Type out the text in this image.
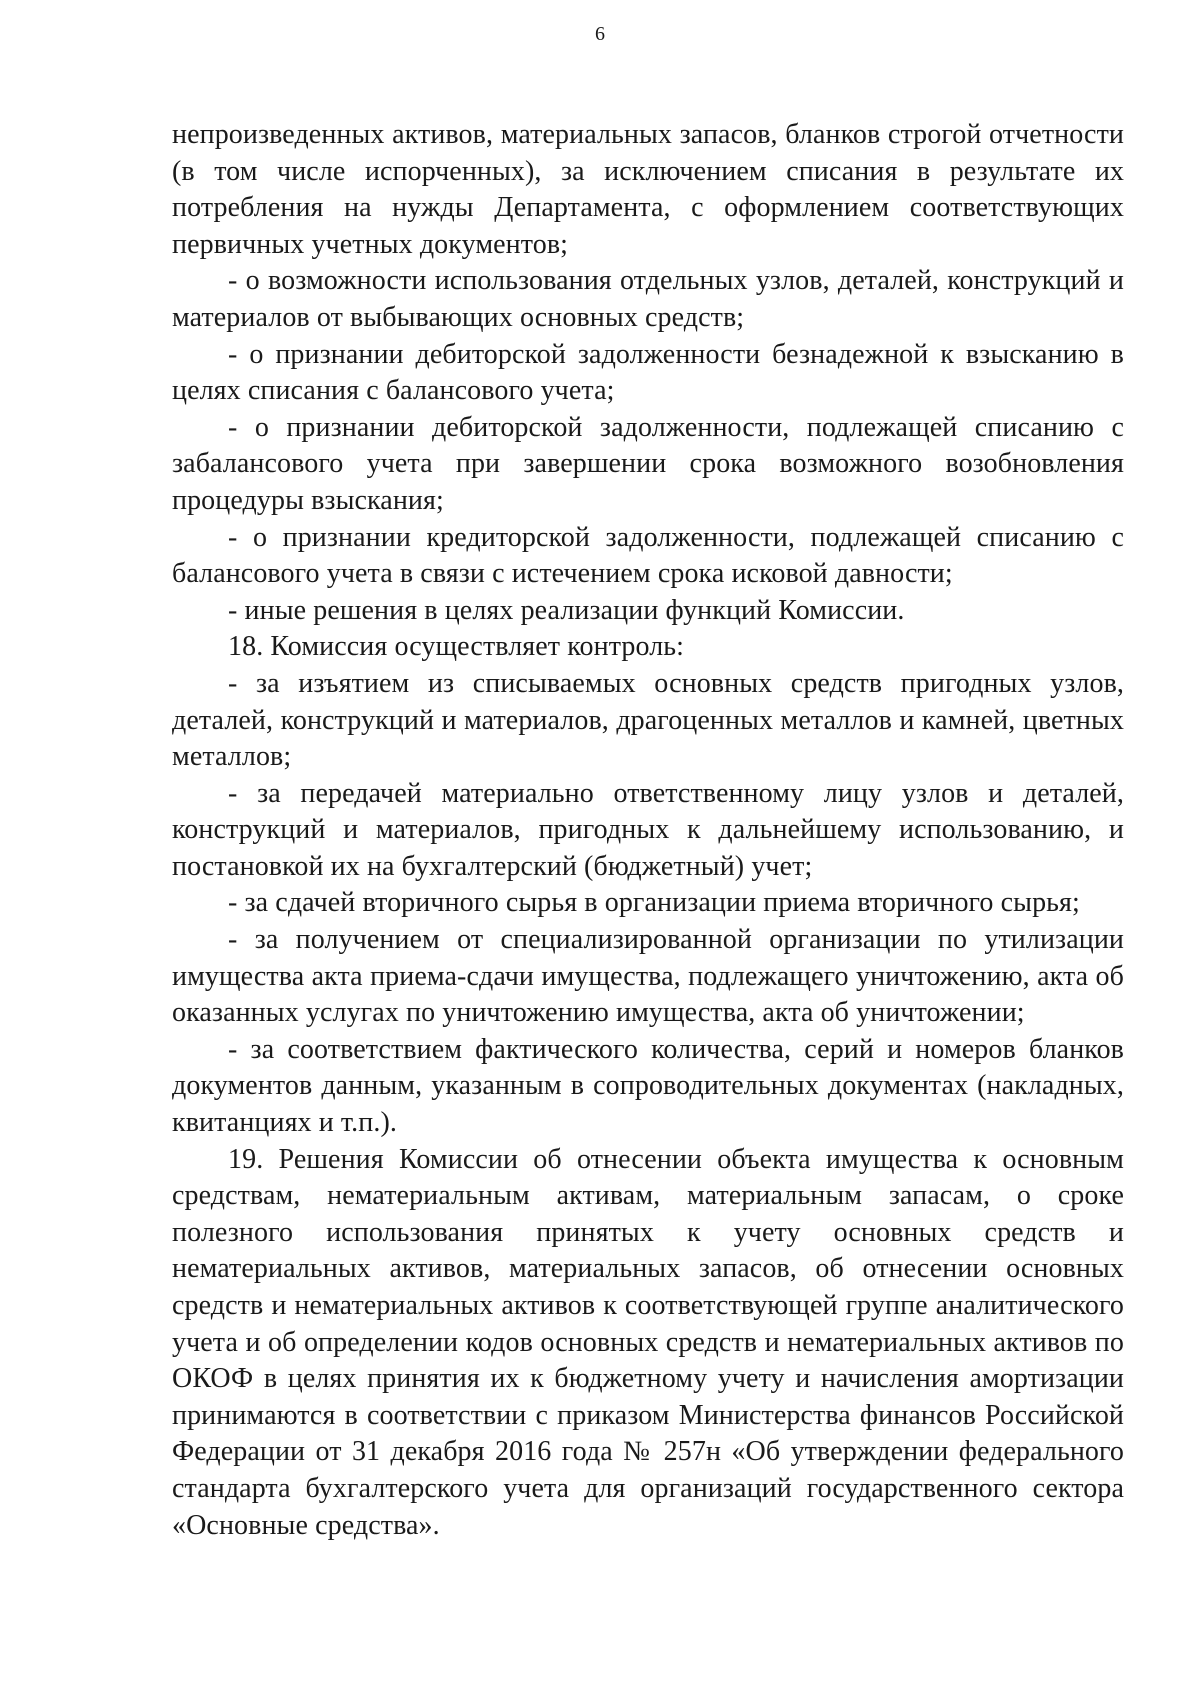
6

непроизведенных активов, материальных запасов, бланков строгой отчетности (в том числе испорченных), за исключением списания в результате их потребления на нужды Департамента, с оформлением соответствующих первичных учетных документов;

- о возможности использования отдельных узлов, деталей, конструкций и материалов от выбывающих основных средств;

- о признании дебиторской задолженности безнадежной к взысканию в целях списания с балансового учета;

- о признании дебиторской задолженности, подлежащей списанию с забалансового учета при завершении срока возможного возобновления процедуры взыскания;

- о признании кредиторской задолженности, подлежащей списанию с балансового учета в связи с истечением срока исковой давности;

- иные решения в целях реализации функций Комиссии.

18. Комиссия осуществляет контроль:

- за изъятием из списываемых основных средств пригодных узлов, деталей, конструкций и материалов, драгоценных металлов и камней, цветных металлов;

- за передачей материально ответственному лицу узлов и деталей, конструкций и материалов, пригодных к дальнейшему использованию, и постановкой их на бухгалтерский (бюджетный) учет;

- за сдачей вторичного сырья в организации приема вторичного сырья;

- за получением от специализированной организации по утилизации имущества акта приема-сдачи имущества, подлежащего уничтожению, акта об оказанных услугах по уничтожению имущества, акта об уничтожении;

- за соответствием фактического количества, серий и номеров бланков документов данным, указанным в сопроводительных документах (накладных, квитанциях и т.п.).

19. Решения Комиссии об отнесении объекта имущества к основным средствам, нематериальным активам, материальным запасам, о сроке полезного использования принятых к учету основных средств и нематериальных активов, материальных запасов, об отнесении основных средств и нематериальных активов к соответствующей группе аналитического учета и об определении кодов основных средств и нематериальных активов по ОКОФ в целях принятия их к бюджетному учету и начисления амортизации принимаются в соответствии с приказом Министерства финансов Российской Федерации от 31 декабря 2016 года № 257н «Об утверждении федерального стандарта бухгалтерского учета для организаций государственного сектора «Основные средства».
